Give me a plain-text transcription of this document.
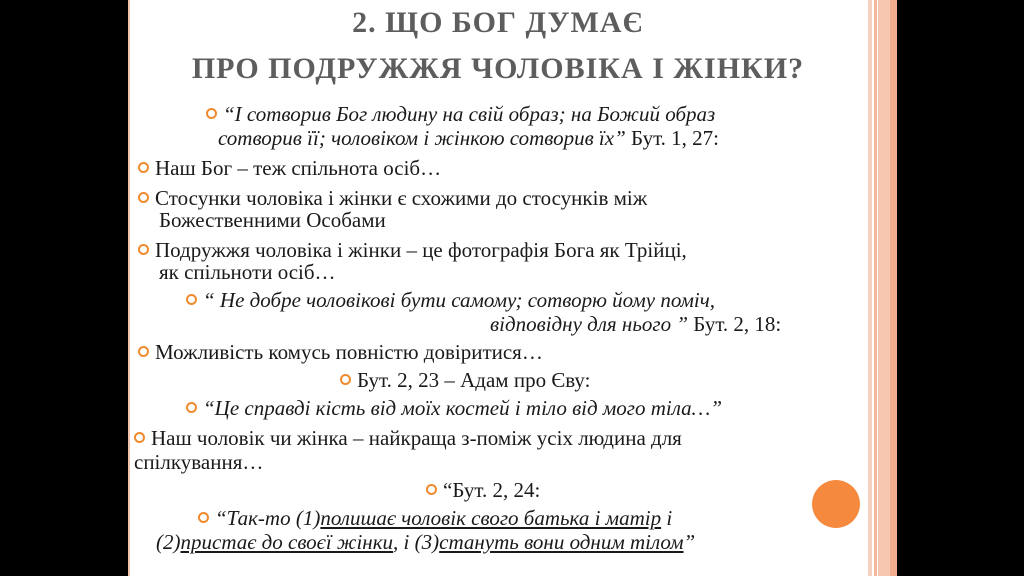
2. ЩО БОГ ДУМАЄ
ПРО ПОДРУЖЖЯ ЧОЛОВІКА І ЖІНКИ?
“І сотворив Бог людину на свій образ; на Божий образ
сотворив її; чоловіком і жінкою сотворив їх” Бут. 1, 27:
Наш Бог – теж спільнота осіб…
Стосунки чоловіка і жінки є схожими до стосунків між
Божественними Особами
Подружжя чоловіка і жінки – це фотографія Бога як Трійці,
як спільноти осіб…
“ Не добре чоловікові бути самому; сотворю йому поміч,
відповідну для нього ” Бут. 2, 18:
Можливість комусь повністю довіритися…
Бут. 2, 23 – Адам про Єву:
“Це справді кість від моїх костей і тіло від мого тіла…”
Наш чоловік чи жінка – найкраща з-поміж усіх людина для
спілкування…
“Бут. 2, 24:
“Так-то (1)полишає чоловік свого батька і матір і
(2)пристає до своєї жінки, і (3)стануть вони одним тілом”
